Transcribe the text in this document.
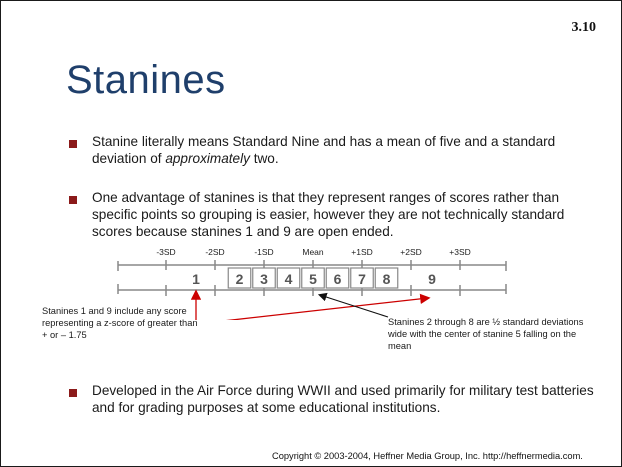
3.10
Stanines
Stanine literally means Standard Nine and has a mean of five and a standard deviation of approximately two.
One advantage of stanines is that they represent ranges of scores rather than specific points so grouping is easier, however they are not technically standard scores because stanines 1 and 9 are open ended.
-3SD	-2SD	-1SD	Mean	+1SD	+2SD	+3SD
2 3 4 5 6 7 8
1	9
Stanines 1 and 9 include any score representing a z-score of greater than + or – 1.75
Stanines 2 through 8 are ½ standard deviations wide with the center of stanine 5 falling on the mean
Developed in the Air Force during WWII and used primarily for military test batteries and for grading purposes at some educational institutions.
Copyright © 2003-2004, Heffner Media Group, Inc. http://heffnermedia.com.
